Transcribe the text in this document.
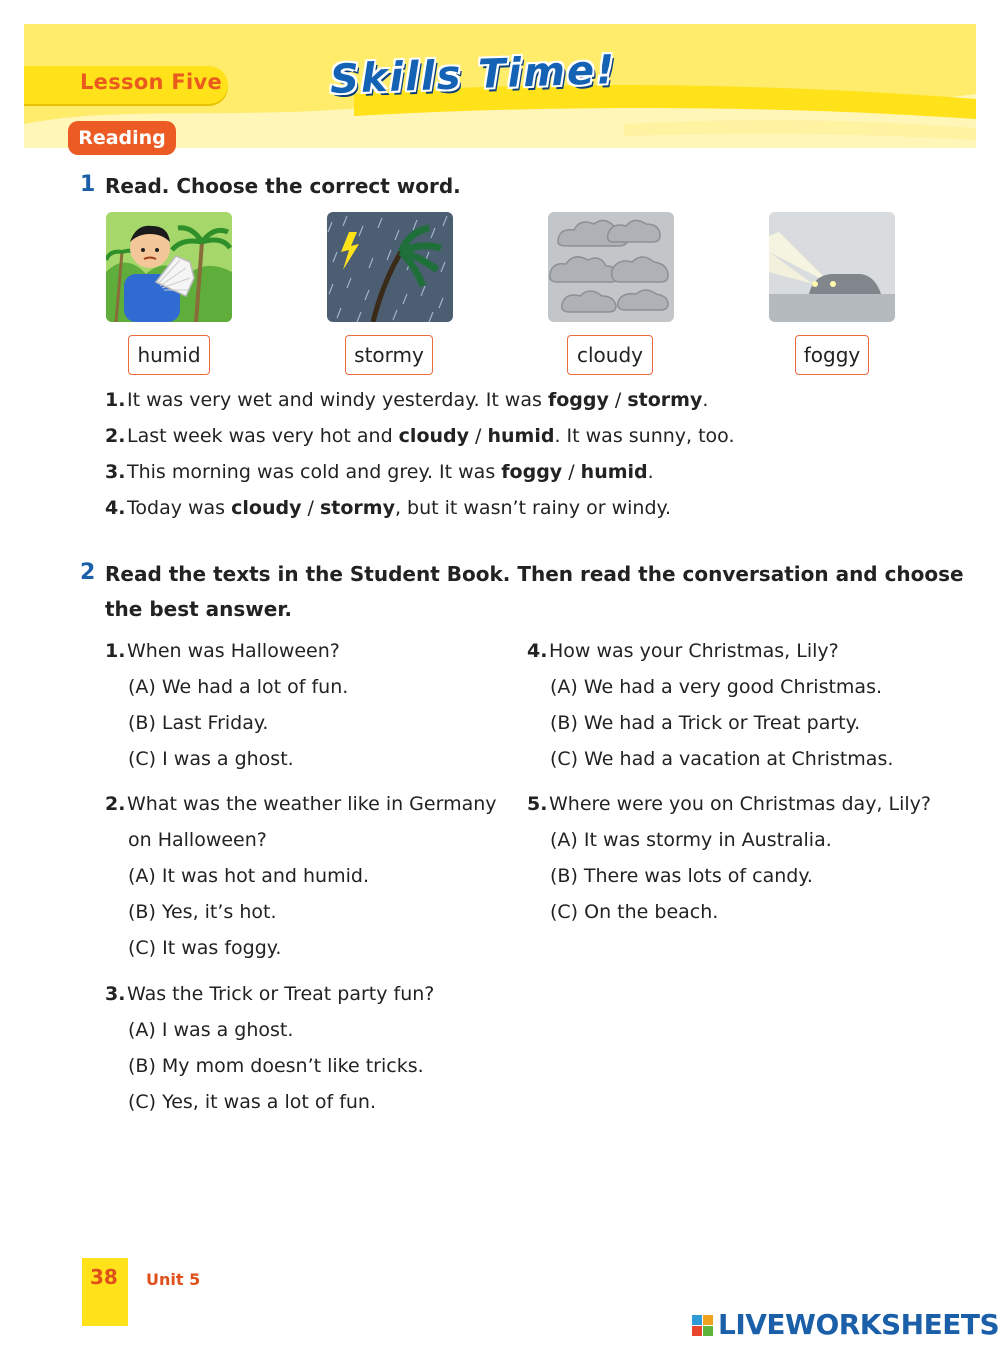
Lesson Five	Skills Time!
Reading
1 Read. Choose the correct word.
humid	stormy	cloudy	foggy
1.It was very wet and windy yesterday. It was foggy / stormy.
2.Last week was very hot and cloudy / humid. It was sunny, too.
3.This morning was cold and grey. It was foggy / humid.
4.Today was cloudy / stormy, but it wasn’t rainy or windy.
2 Read the texts in the Student Book. Then read the conversation and choose
the best answer.
1.When was Halloween?
(A) We had a lot of fun.
(B) Last Friday.
(C) I was a ghost.
2.What was the weather like in Germany
on Halloween?
(A) It was hot and humid.
(B) Yes, it’s hot.
(C) It was foggy.
3.Was the Trick or Treat party fun?
(A) I was a ghost.
(B) My mom doesn’t like tricks.
(C) Yes, it was a lot of fun.
4.How was your Christmas, Lily?
(A) We had a very good Christmas.
(B) We had a Trick or Treat party.
(C) We had a vacation at Christmas.
5.Where were you on Christmas day, Lily?
(A) It was stormy in Australia.
(B) There was lots of candy.
(C) On the beach.
38 Unit 5
LIVEWORKSHEETS
